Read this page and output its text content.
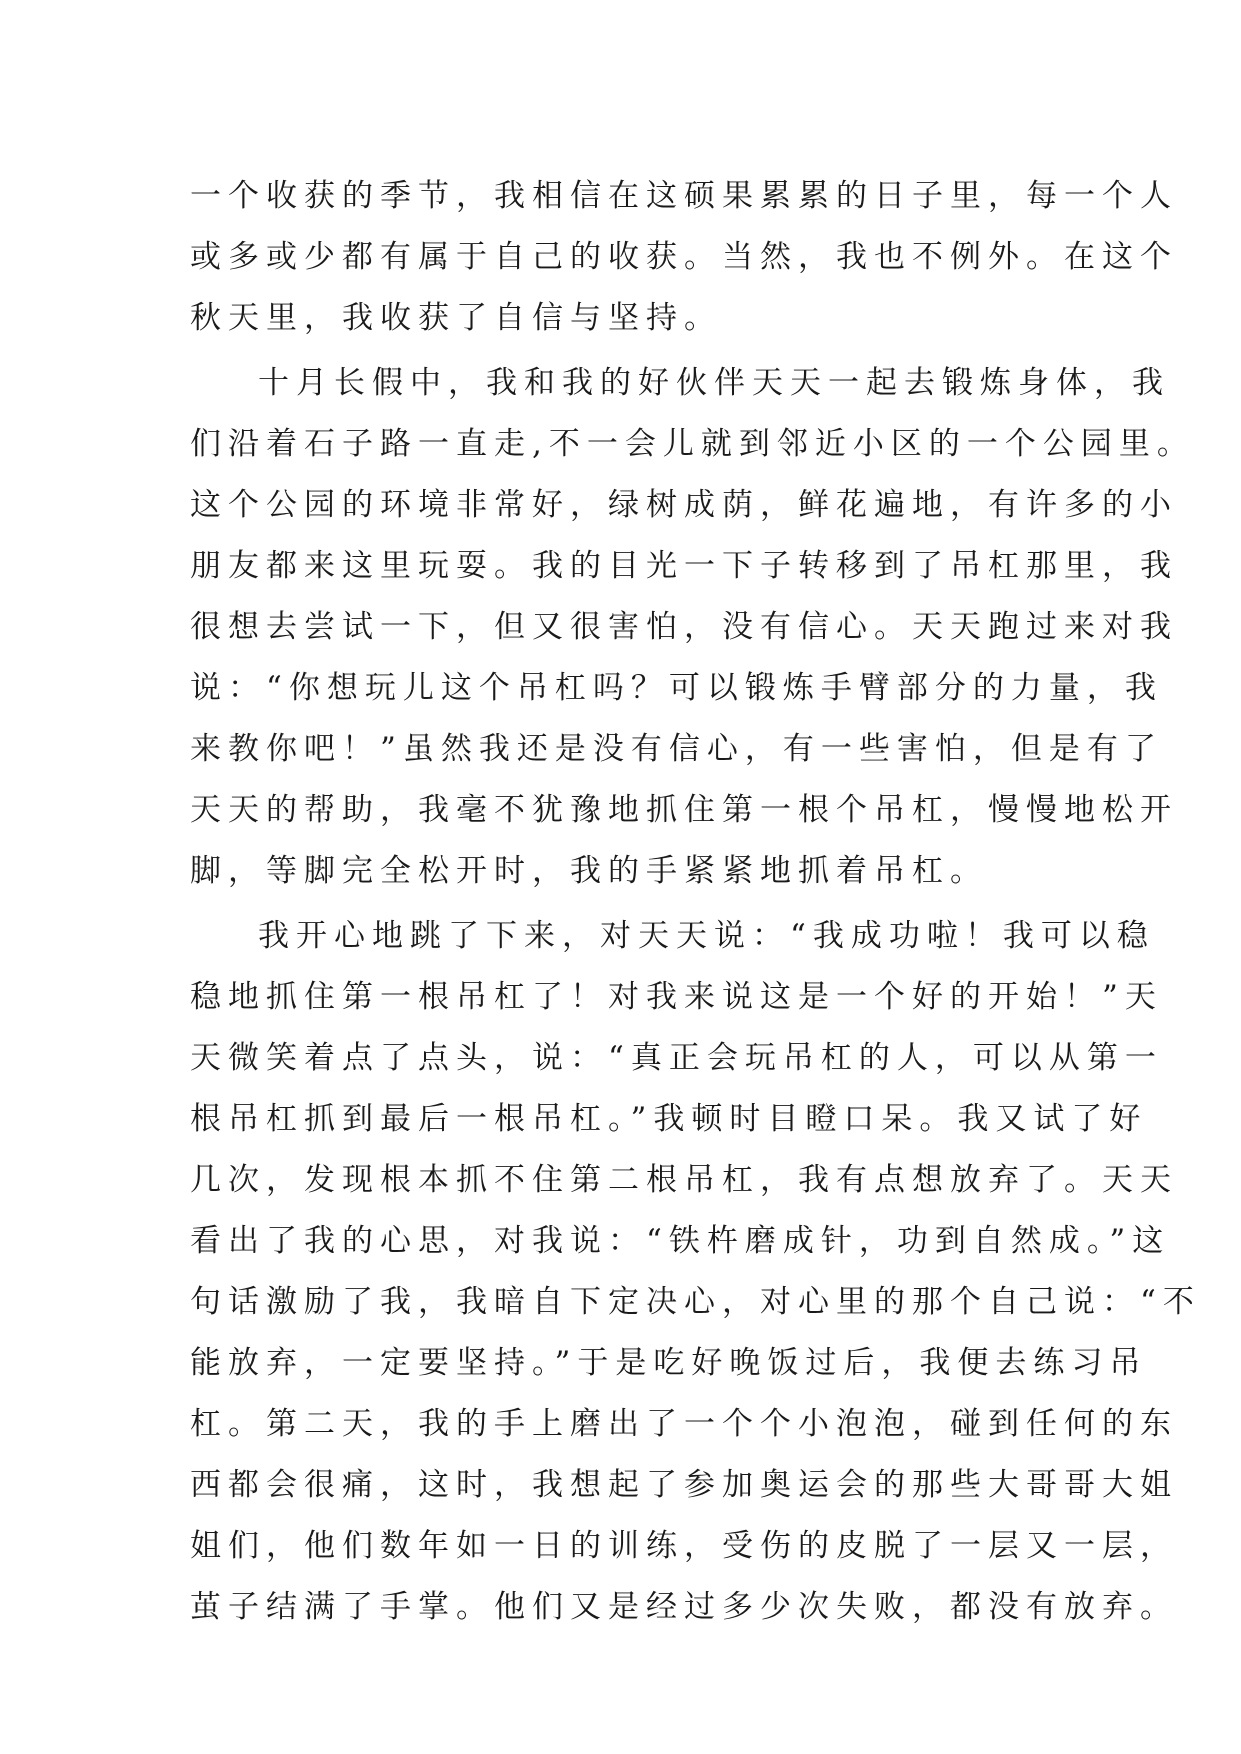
一个收获的季节，我相信在这硕果累累的日子里，每一个人
或多或少都有属于自己的收获。当然，我也不例外。在这个
秋天里，我收获了自信与坚持。
十月长假中，我和我的好伙伴天天一起去锻炼身体，我
们沿着石子路一直走,不一会儿就到邻近小区的一个公园里。
这个公园的环境非常好，绿树成荫，鲜花遍地，有许多的小
朋友都来这里玩耍。我的目光一下子转移到了吊杠那里，我
很想去尝试一下，但又很害怕，没有信心。天天跑过来对我
说：“你想玩儿这个吊杠吗？可以锻炼手臂部分的力量，我
来教你吧！”虽然我还是没有信心，有一些害怕，但是有了
天天的帮助，我毫不犹豫地抓住第一根个吊杠，慢慢地松开
脚，等脚完全松开时，我的手紧紧地抓着吊杠。
我开心地跳了下来，对天天说：“我成功啦！我可以稳
稳地抓住第一根吊杠了！对我来说这是一个好的开始！”天
天微笑着点了点头，说：“真正会玩吊杠的人，可以从第一
根吊杠抓到最后一根吊杠。”我顿时目瞪口呆。我又试了好
几次，发现根本抓不住第二根吊杠，我有点想放弃了。天天
看出了我的心思，对我说：“铁杵磨成针，功到自然成。”这
句话激励了我，我暗自下定决心，对心里的那个自己说：“不
能放弃，一定要坚持。”于是吃好晚饭过后，我便去练习吊
杠。第二天，我的手上磨出了一个个小泡泡，碰到任何的东
西都会很痛，这时，我想起了参加奥运会的那些大哥哥大姐
姐们，他们数年如一日的训练，受伤的皮脱了一层又一层，
茧子结满了手掌。他们又是经过多少次失败，都没有放弃。
